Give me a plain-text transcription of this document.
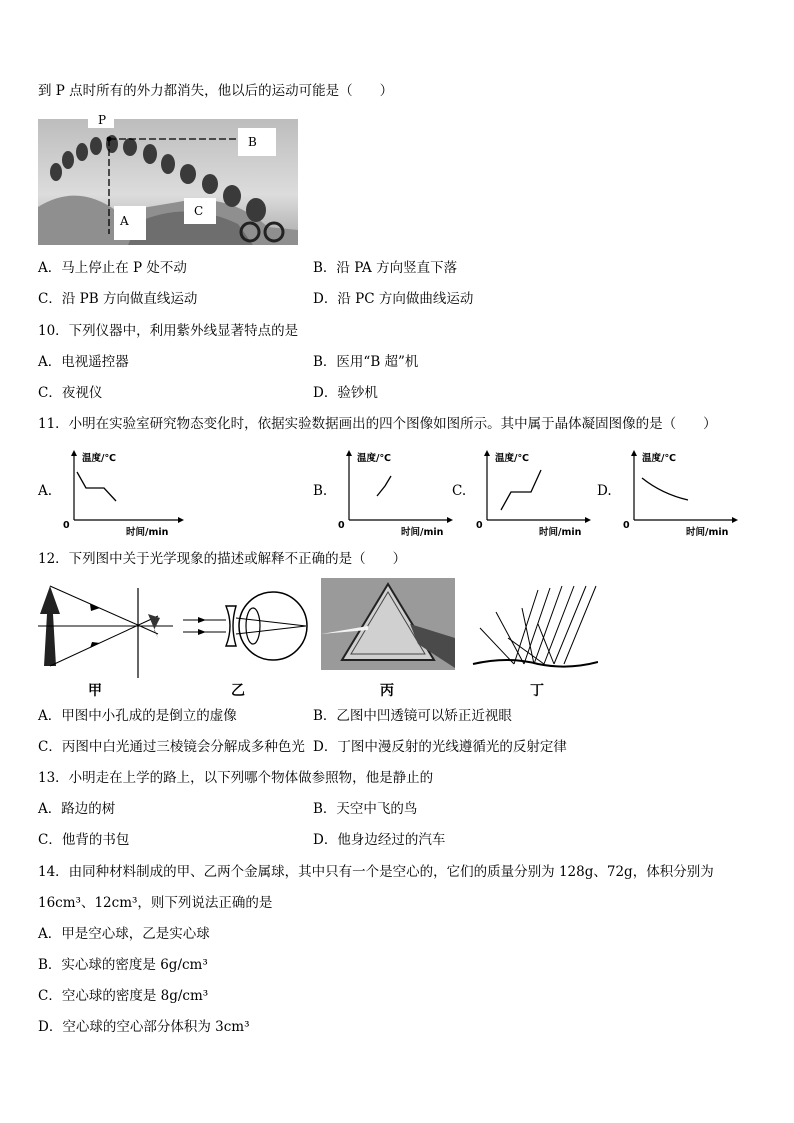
到 P 点时所有的外力都消失，他以后的运动可能是（　　）
P
B
A
C
A．马上停止在 P 处不动	B．沿 PA 方向竖直下落
C．沿 PB 方向做直线运动	D．沿 PC 方向做曲线运动
10．下列仪器中，利用紫外线显著特点的是
A．电视遥控器	B．医用“B 超”机
C．夜视仪	D．验钞机
11．小明在实验室研究物态变化时，依据实验数据画出的四个图像如图所示。其中属于晶体凝固图像的是（　　）
A.
温度/℃
时间/min
0
B.
温度/℃
时间/min
0
C.
温度/℃
时间/min
0
D.
温度/℃
时间/min
0
12．下列图中关于光学现象的描述或解释不正确的是（　　）
甲	乙	丙	丁
A．甲图中小孔成的是倒立的虚像	B．乙图中凹透镜可以矫正近视眼
C．丙图中白光通过三棱镜会分解成多种色光 D．丁图中漫反射的光线遵循光的反射定律
13．小明走在上学的路上，以下列哪个物体做参照物，他是静止的
A．路边的树	B．天空中飞的鸟
C．他背的书包	D．他身边经过的汽车
14．由同种材料制成的甲、乙两个金属球，其中只有一个是空心的，它们的质量分别为 128g、72g，体积分别为
16cm³、12cm³，则下列说法正确的是
A．甲是空心球，乙是实心球
B．实心球的密度是 6g/cm³
C．空心球的密度是 8g/cm³
D．空心球的空心部分体积为 3cm³
